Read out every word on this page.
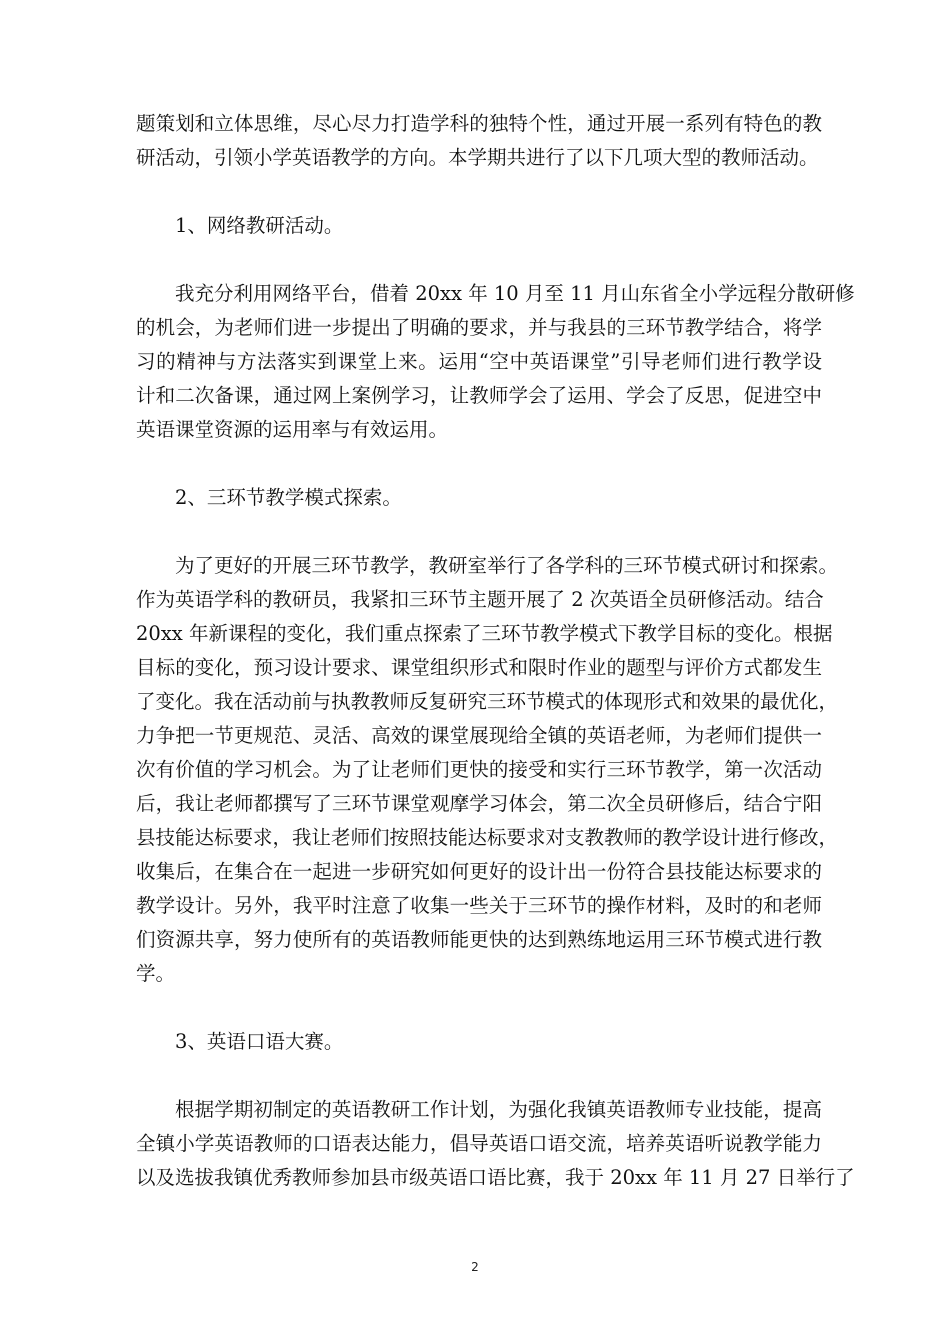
题策划和立体思维，尽心尽力打造学科的独特个性，通过开展一系列有特色的教
研活动，引领小学英语教学的方向。本学期共进行了以下几项大型的教师活动。
1、网络教研活动。
我充分利用网络平台，借着 20xx 年 10 月至 11 月山东省全小学远程分散研修
的机会，为老师们进一步提出了明确的要求，并与我县的三环节教学结合，将学
习的精神与方法落实到课堂上来。运用“空中英语课堂”引导老师们进行教学设
计和二次备课，通过网上案例学习，让教师学会了运用、学会了反思，促进空中
英语课堂资源的运用率与有效运用。
2、三环节教学模式探索。
为了更好的开展三环节教学，教研室举行了各学科的三环节模式研讨和探索。
作为英语学科的教研员，我紧扣三环节主题开展了 2 次英语全员研修活动。结合
20xx 年新课程的变化，我们重点探索了三环节教学模式下教学目标的变化。根据
目标的变化，预习设计要求、课堂组织形式和限时作业的题型与评价方式都发生
了变化。我在活动前与执教教师反复研究三环节模式的体现形式和效果的最优化，
力争把一节更规范、灵活、高效的课堂展现给全镇的英语老师，为老师们提供一
次有价值的学习机会。为了让老师们更快的接受和实行三环节教学，第一次活动
后，我让老师都撰写了三环节课堂观摩学习体会，第二次全员研修后，结合宁阳
县技能达标要求，我让老师们按照技能达标要求对支教教师的教学设计进行修改，
收集后，在集合在一起进一步研究如何更好的设计出一份符合县技能达标要求的
教学设计。另外，我平时注意了收集一些关于三环节的操作材料，及时的和老师
们资源共享，努力使所有的英语教师能更快的达到熟练地运用三环节模式进行教
学。
3、英语口语大赛。
根据学期初制定的英语教研工作计划，为强化我镇英语教师专业技能，提高
全镇小学英语教师的口语表达能力，倡导英语口语交流，培养英语听说教学能力
以及选拔我镇优秀教师参加县市级英语口语比赛，我于 20xx 年 11 月 27 日举行了
2
